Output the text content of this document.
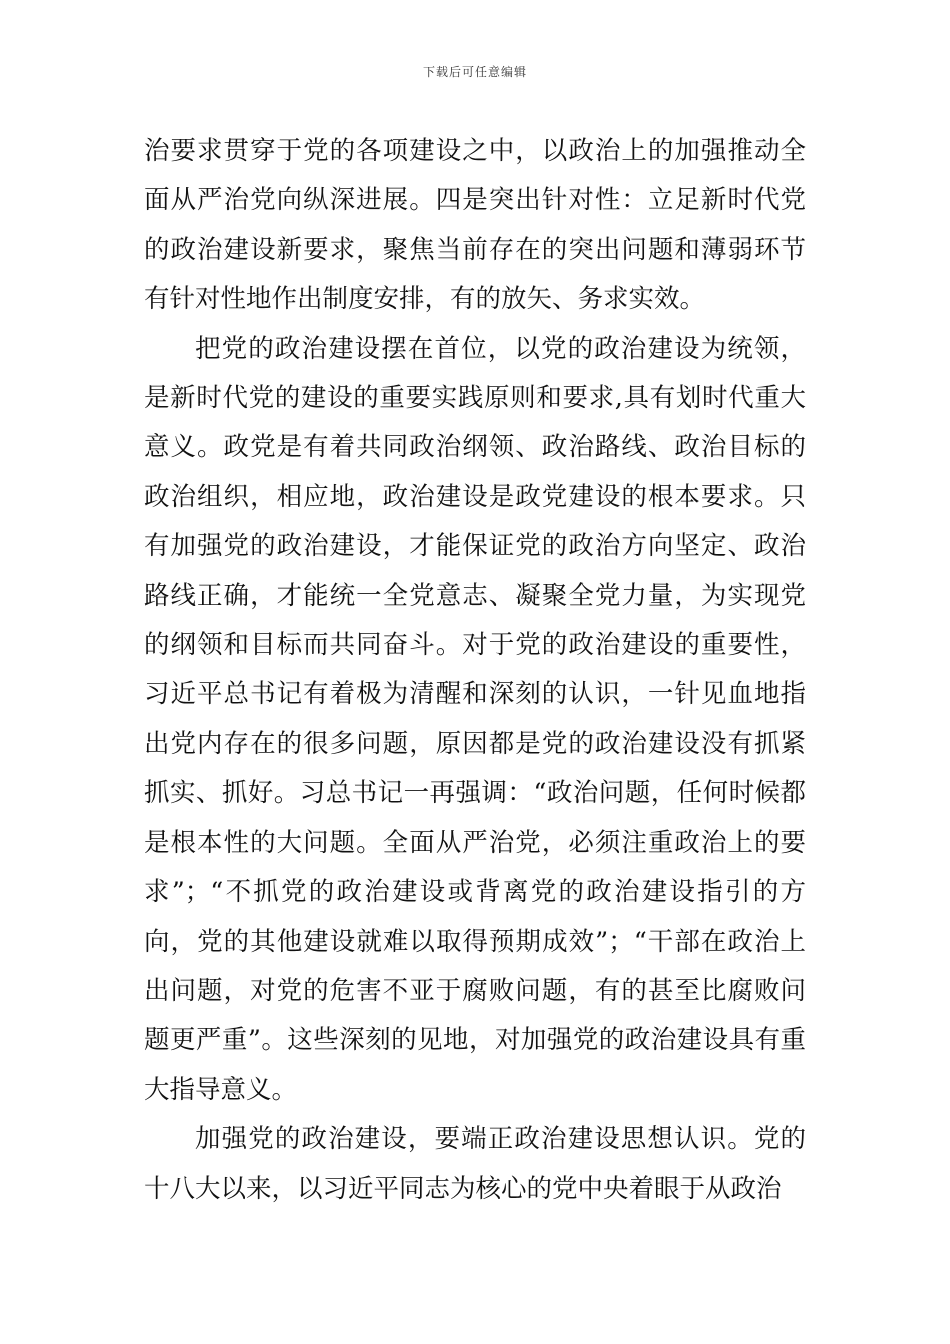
下载后可任意编辑

治要求贯穿于党的各项建设之中，以政治上的加强推动全面从严治党向纵深进展。四是突出针对性：立足新时代党的政治建设新要求，聚焦当前存在的突出问题和薄弱环节有针对性地作出制度安排，有的放矢、务求实效。

把党的政治建设摆在首位，以党的政治建设为统领，是新时代党的建设的重要实践原则和要求,具有划时代重大意义。政党是有着共同政治纲领、政治路线、政治目标的政治组织，相应地，政治建设是政党建设的根本要求。只有加强党的政治建设，才能保证党的政治方向坚定、政治路线正确，才能统一全党意志、凝聚全党力量，为实现党的纲领和目标而共同奋斗。对于党的政治建设的重要性，习近平总书记有着极为清醒和深刻的认识，一针见血地指出党内存在的很多问题，原因都是党的政治建设没有抓紧抓实、抓好。习总书记一再强调：“政治问题，任何时候都是根本性的大问题。全面从严治党，必须注重政治上的要求”；“不抓党的政治建设或背离党的政治建设指引的方向，党的其他建设就难以取得预期成效”；“干部在政治上出问题，对党的危害不亚于腐败问题，有的甚至比腐败问题更严重”。这些深刻的见地，对加强党的政治建设具有重大指导意义。

加强党的政治建设，要端正政治建设思想认识。党的十八大以来，以习近平同志为核心的党中央着眼于从政治
